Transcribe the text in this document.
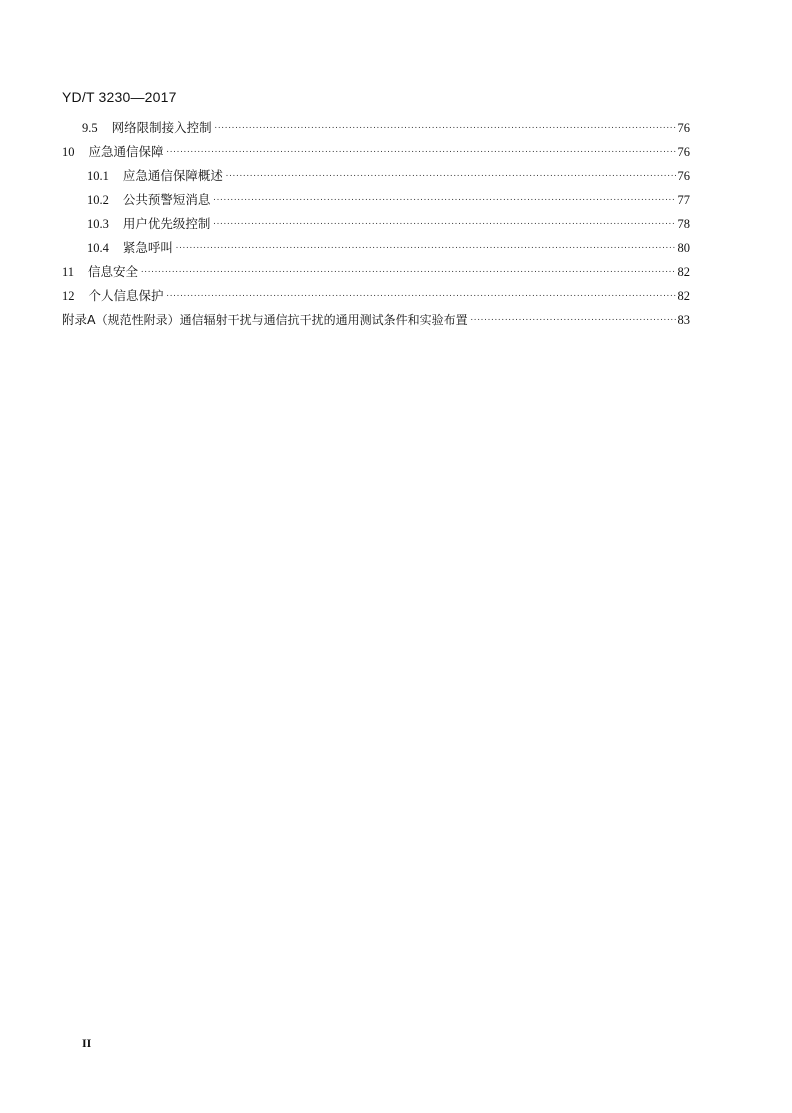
YD/T 3230—2017
9.5 网络限制接入控制 .....	76
10 应急通信保障 .....	76
10.1 应急通信保障概述 .....	76
10.2 公共预警短消息 .....	77
10.3 用户优先级控制 .....	78
10.4 紧急呼叫 .....	80
11 信息安全 .....	82
12 个人信息保护 .....	82
附录A （规范性附录）通信辐射干扰与通信抗干扰的通用测试条件和实验布置 .....	83
II
